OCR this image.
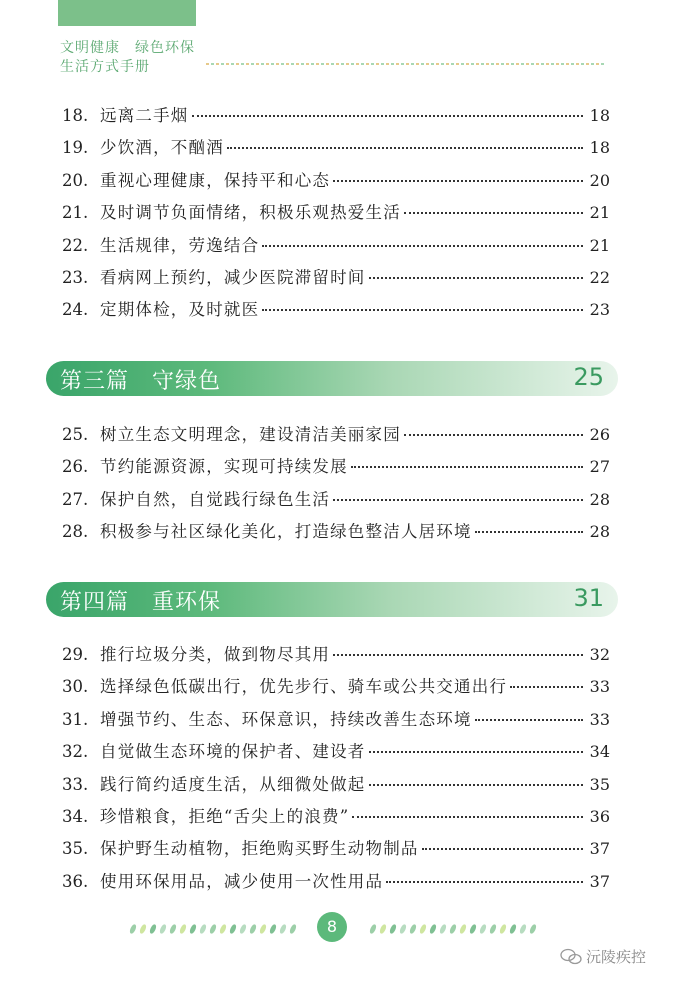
文明健康　绿色环保
生活方式手册
18. 远离二手烟	18
19. 少饮酒，不酗酒	18
20. 重视心理健康，保持平和心态	20
21. 及时调节负面情绪，积极乐观热爱生活	21
22. 生活规律，劳逸结合	21
23. 看病网上预约，减少医院滞留时间	22
24. 定期体检，及时就医	23
第三篇　守绿色	25
25. 树立生态文明理念，建设清洁美丽家园	26
26. 节约能源资源，实现可持续发展	27
27. 保护自然，自觉践行绿色生活	28
28. 积极参与社区绿化美化，打造绿色整洁人居环境	28
第四篇　重环保	31
29. 推行垃圾分类，做到物尽其用	32
30. 选择绿色低碳出行，优先步行、骑车或公共交通出行	33
31. 增强节约、生态、环保意识，持续改善生态环境	33
32. 自觉做生态环境的保护者、建设者	34
33. 践行简约适度生活，从细微处做起	35
34. 珍惜粮食，拒绝“舌尖上的浪费”	36
35. 保护野生动植物，拒绝购买野生动物制品	37
36. 使用环保用品，减少使用一次性用品	37
8
沅陵疾控
